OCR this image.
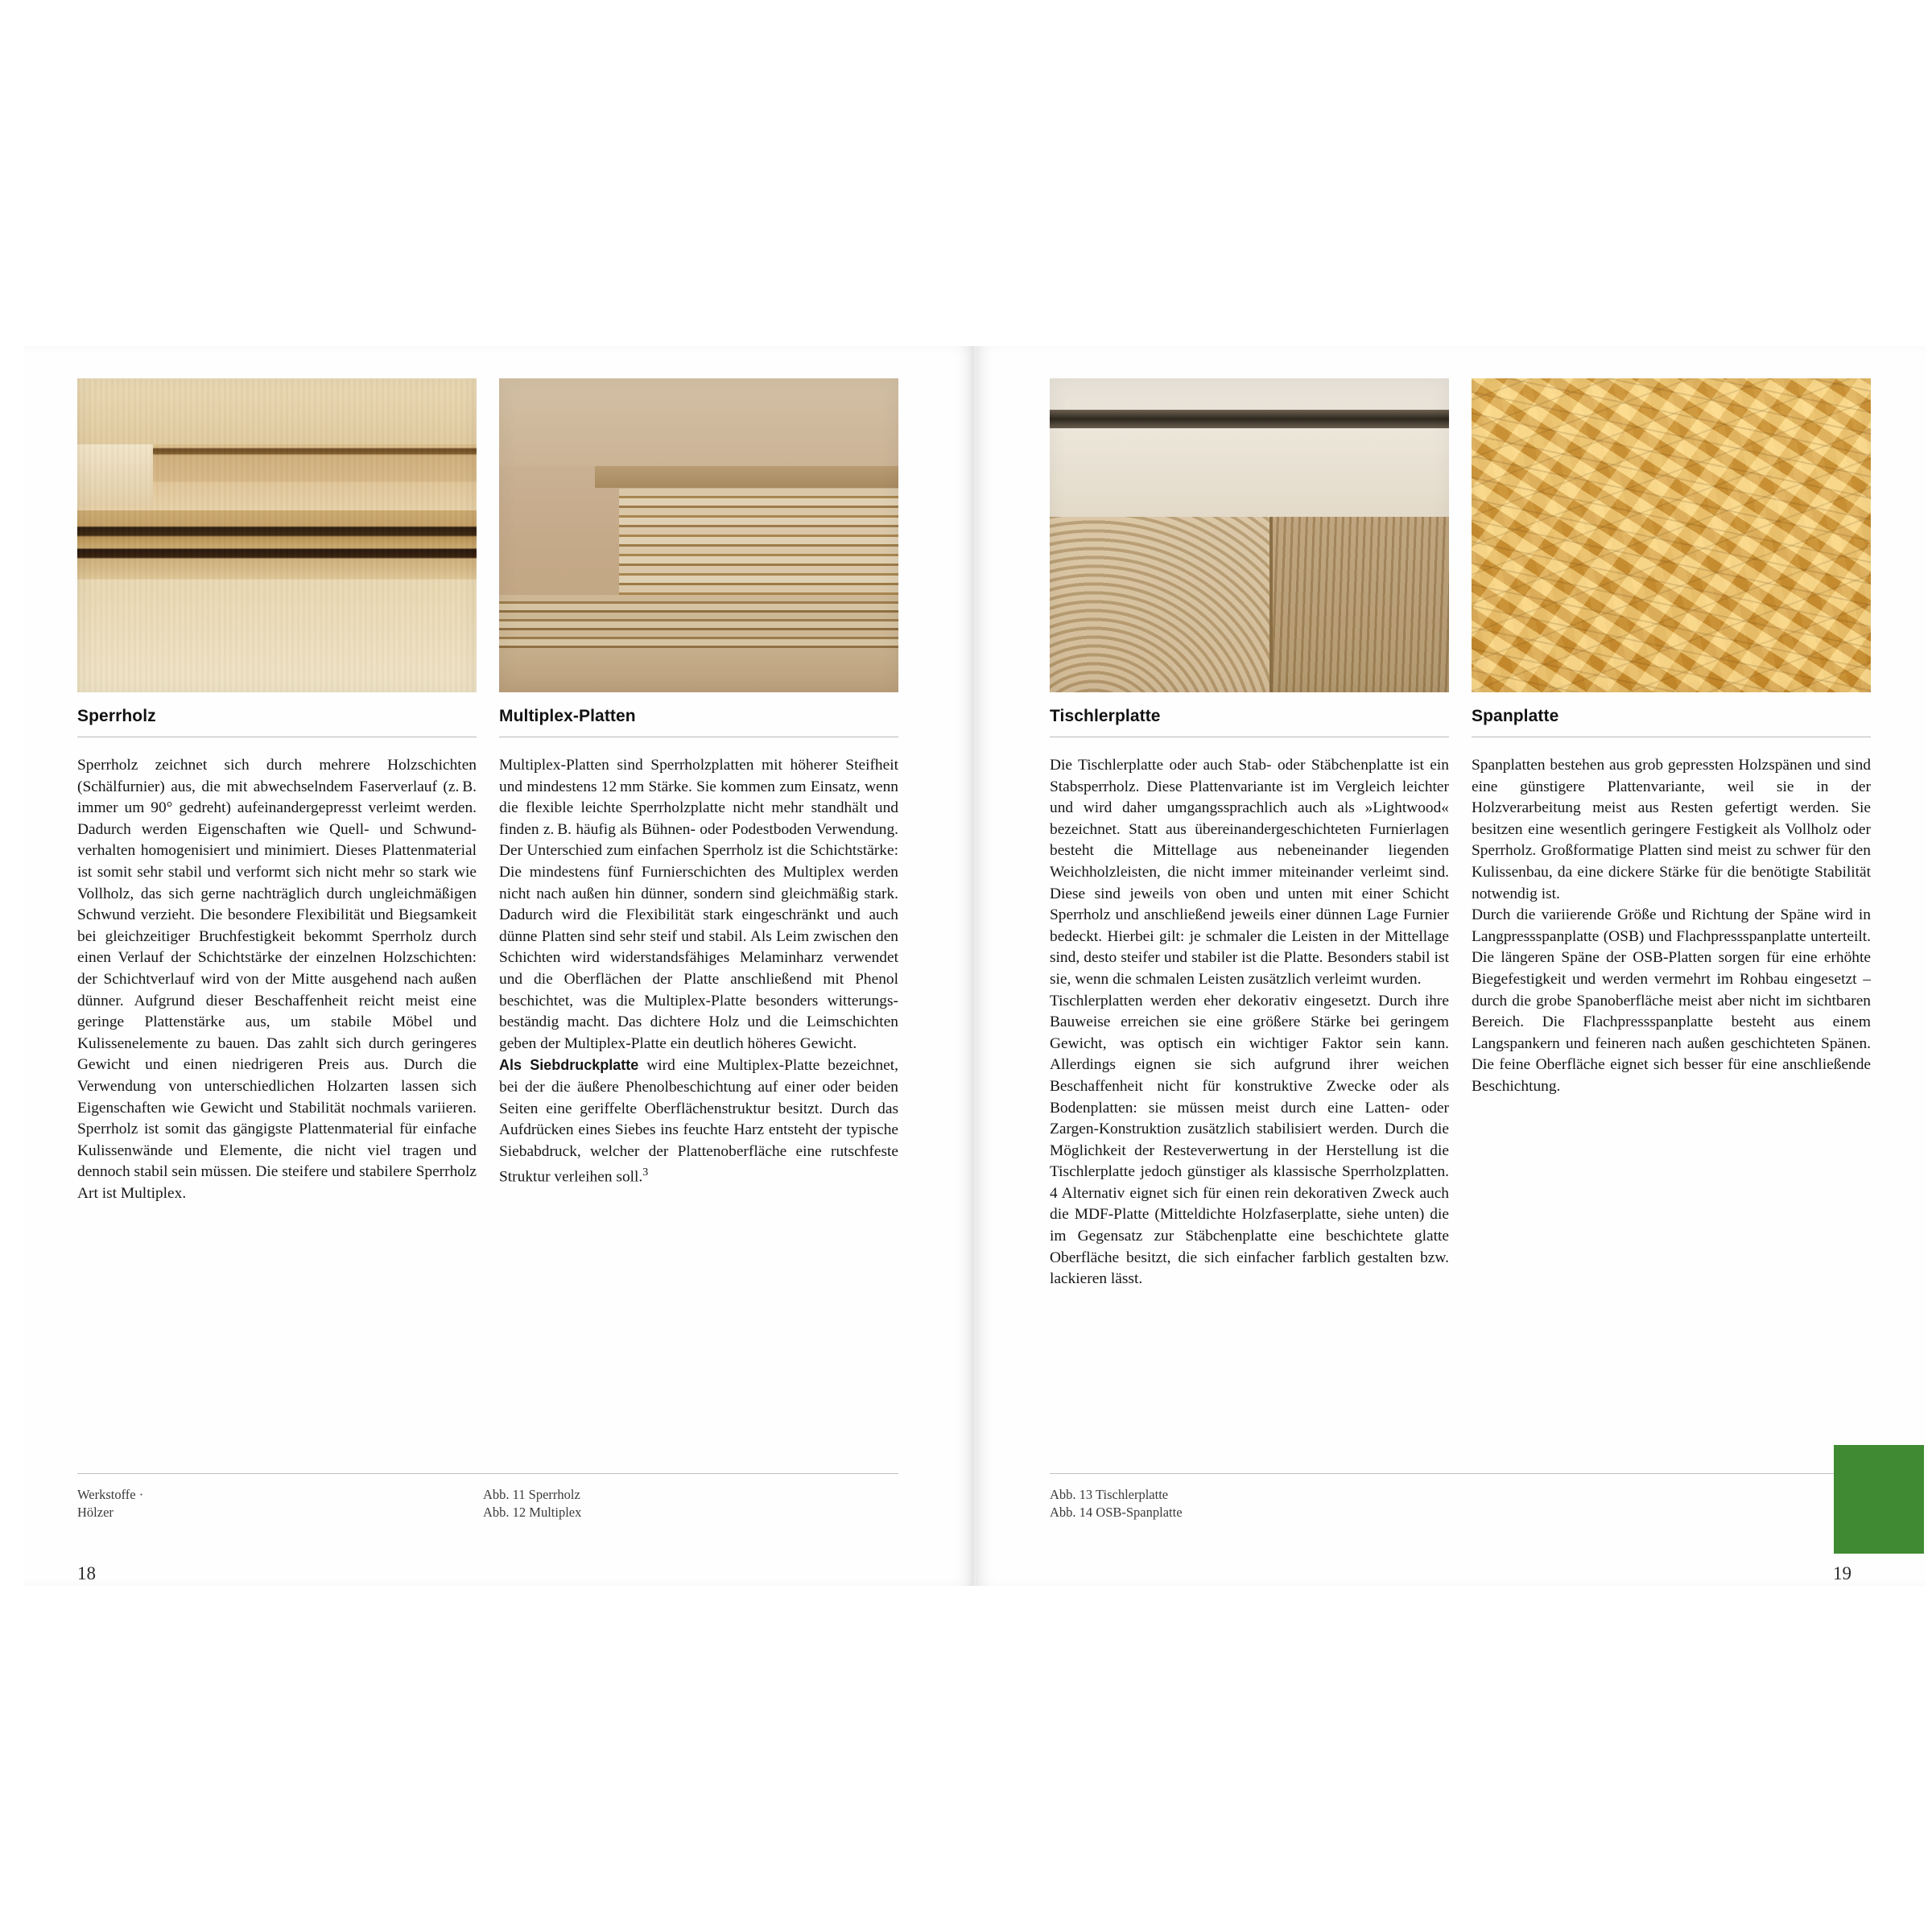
Sperrholz

Sperrholz zeichnet sich durch mehrere Holzschichten (Schälfurnier) aus, die mit abwechselndem Faserverlauf (z. B. immer um 90° gedreht) aufeinandergepresst verleimt werden. Dadurch werden Eigenschaften wie Quell- und Schwundverhalten homogenisiert und minimiert. Dieses Plattenmaterial ist somit sehr stabil und verformt sich nicht mehr so stark wie Vollholz, das sich gerne nachträglich durch ungleichmäßigen Schwund verzieht. Die besondere Flexibilität und Biegsamkeit bei gleichzeitiger Bruchfestigkeit bekommt Sperrholz durch einen Verlauf der Schichtstärke der einzelnen Holzschichten: der Schichtverlauf wird von der Mitte ausgehend nach außen dünner. Aufgrund dieser Beschaffenheit reicht meist eine geringe Plattenstärke aus, um stabile Möbel und Kulissenelemente zu bauen. Das zahlt sich durch geringeres Gewicht und einen niedrigeren Preis aus. Durch die Verwendung von unterschiedlichen Holzarten lassen sich Eigenschaften wie Gewicht und Stabilität nochmals variieren. Sperrholz ist somit das gängigste Plattenmaterial für einfache Kulissenwände und Elemente, die nicht viel tragen und dennoch stabil sein müssen. Die steifere und stabilere Sperrholz Art ist Multiplex.

Multiplex-Platten

Multiplex-Platten sind Sperrholzplatten mit höherer Steifheit und mindestens 12 mm Stärke. Sie kommen zum Einsatz, wenn die flexible leichte Sperrholzplatte nicht mehr standhält und finden z. B. häufig als Bühnen- oder Podestboden Verwendung. Der Unterschied zum einfachen Sperrholz ist die Schichtstärke: Die mindestens fünf Furnierschichten des Multiplex werden nicht nach außen hin dünner, sondern sind gleichmäßig stark. Dadurch wird die Flexibilität stark eingeschränkt und auch dünne Platten sind sehr steif und stabil. Als Leim zwischen den Schichten wird widerstandsfähiges Melaminharz verwendet und die Oberflächen der Platte anschließend mit Phenol beschichtet, was die Multiplex-Platte besonders witterungsbeständig macht. Das dichtere Holz und die Leimschichten geben der Multiplex-Platte ein deutlich höheres Gewicht.

Als Siebdruckplatte wird eine Multiplex-Platte bezeichnet, bei der die äußere Phenolbeschichtung auf einer oder beiden Seiten eine geriffelte Oberflächenstruktur besitzt. Durch das Aufdrücken eines Siebes ins feuchte Harz entsteht der typische Siebabdruck, welcher der Plattenoberfläche eine rutschfeste Struktur verleihen soll.$^3$

Werkstoffe ·
Hölzer
Abb. 11 Sperrholz
Abb. 12 Multiplex
18
Tischlerplatte

Die Tischlerplatte oder auch Stab- oder Stäbchenplatte ist ein Stabsperrholz. Diese Plattenvariante ist im Vergleich leichter und wird daher umgangssprachlich auch als »Lightwood« bezeichnet. Statt aus übereinandergeschichteten Furnierlagen besteht die Mittellage aus nebeneinander liegenden Weichholzleisten, die nicht immer miteinander verleimt sind. Diese sind jeweils von oben und unten mit einer Schicht Sperrholz und anschließend jeweils einer dünnen Lage Furnier bedeckt. Hierbei gilt: je schmaler die Leisten in der Mittellage sind, desto steifer und stabiler ist die Platte. Besonders stabil ist sie, wenn die schmalen Leisten zusätzlich verleimt wurden.

Tischlerplatten werden eher dekorativ eingesetzt. Durch ihre Bauweise erreichen sie eine größere Stärke bei geringem Gewicht, was optisch ein wichtiger Faktor sein kann. Allerdings eignen sie sich aufgrund ihrer weichen Beschaffenheit nicht für konstruktive Zwecke oder als Bodenplatten: sie müssen meist durch eine Latten- oder Zargen-Konstruktion zusätzlich stabilisiert werden. Durch die Möglichkeit der Resteverwertung in der Herstellung ist die Tischlerplatte jedoch günstiger als klassische Sperrholzplatten. 4 Alternativ eignet sich für einen rein dekorativen Zweck auch die MDF-Platte (Mitteldichte Holzfaserplatte, siehe unten) die im Gegensatz zur Stäbchenplatte eine beschichtete glatte Oberfläche besitzt, die sich einfacher farblich gestalten bzw. lackieren lässt.

Spanplatte

Spanplatten bestehen aus grob gepressten Holzspänen und sind eine günstigere Plattenvariante, weil sie in der Holzverarbeitung meist aus Resten gefertigt werden. Sie besitzen eine wesentlich geringere Festigkeit als Vollholz oder Sperrholz. Großformatige Platten sind meist zu schwer für den Kulissenbau, da eine dickere Stärke für die benötigte Stabilität notwendig ist.

Durch die variierende Größe und Richtung der Späne wird in Langpressspanplatte (OSB) und Flachpressspanplatte unterteilt. Die längeren Späne der OSB-Platten sorgen für eine erhöhte Biegefestigkeit und werden vermehrt im Rohbau eingesetzt – durch die grobe Spanoberfläche meist aber nicht im sichtbaren Bereich. Die Flachpressspanplatte besteht aus einem Langspankern und feineren nach außen geschichteten Spänen. Die feine Oberfläche eignet sich besser für eine anschließende Beschichtung.

Abb. 13 Tischlerplatte
Abb. 14 OSB-Spanplatte
19
